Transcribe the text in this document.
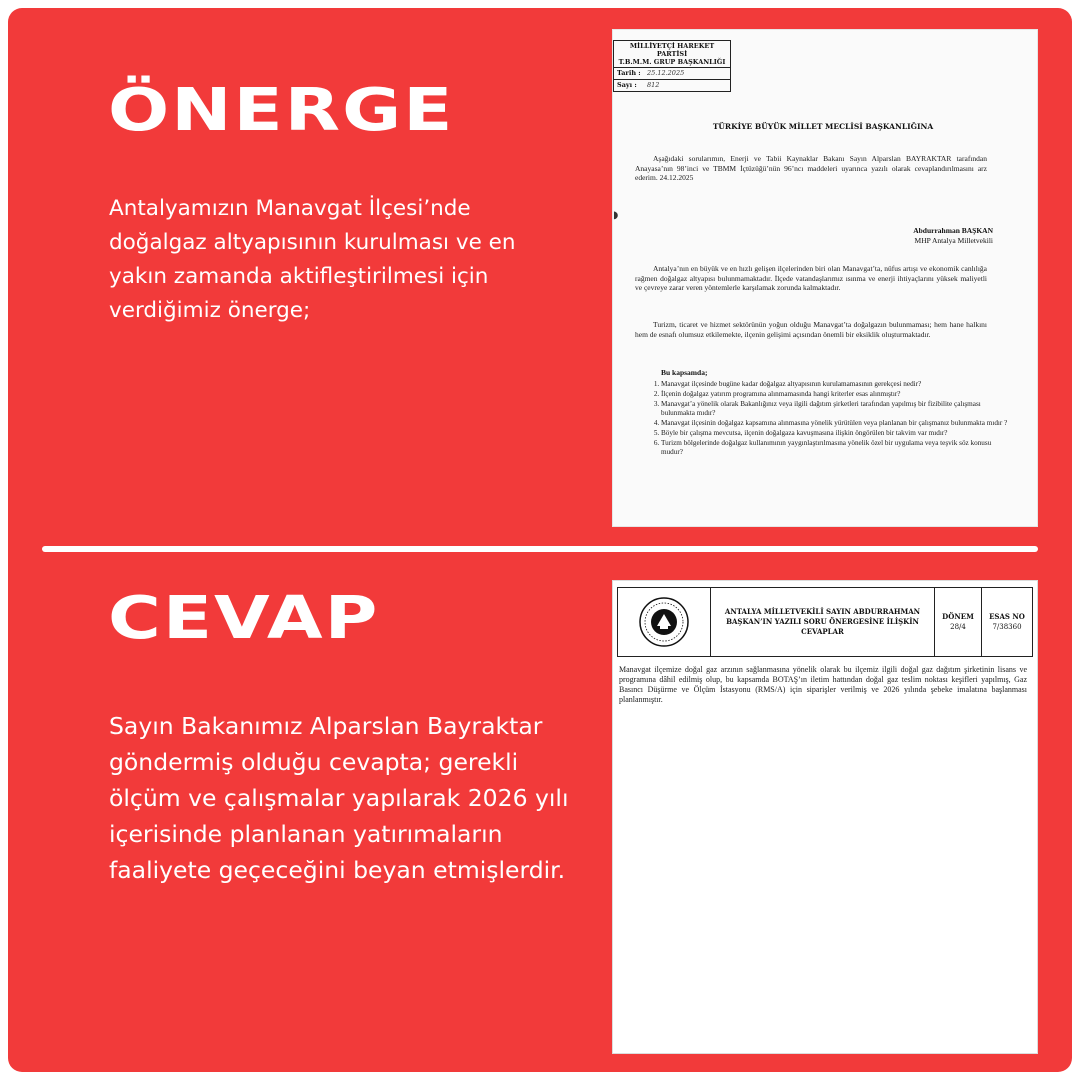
ÖNERGE

Antalyamızın Manavgat İlçesi’nde doğalgaz altyapısının kurulması ve en yakın zamanda aktifleştirilmesi için verdiğimiz önerge;

MİLLİYETÇİ HAREKET PARTİSİ
T.B.M.M. GRUP BAŞKANLIĞI
Tarih : 25.12.2025
Sayı :	812
TÜRKİYE BÜYÜK MİLLET MECLİSİ BAŞKANLIĞINA
Aşağıdaki sorularımın, Enerji ve Tabii Kaynaklar Bakanı Sayın Alparslan BAYRAKTAR tarafından Anayasa’nın 98’inci ve TBMM İçtüzüğü’nün 96’ncı maddeleri uyarınca yazılı olarak cevaplandırılmasını arz ederim. 24.12.2025
◗
Abdurrahman BAŞKAN
MHP Antalya Milletvekili
Antalya’nın en büyük ve en hızlı gelişen ilçelerinden biri olan Manavgat’ta, nüfus artışı ve ekonomik canlılığa rağmen doğalgaz altyapısı bulunmamaktadır. İlçede vatandaşlarımız ısınma ve enerji ihtiyaçlarını yüksek maliyetli ve çevreye zarar veren yöntemlerle karşılamak zorunda kalmaktadır.
Turizm, ticaret ve hizmet sektörünün yoğun olduğu Manavgat’ta doğalgazın bulunmaması; hem hane halkını hem de esnafı olumsuz etkilemekte, ilçenin gelişimi açısından önemli bir eksiklik oluşturmaktadır.
Bu kapsamda;
1. Manavgat ilçesinde bugüne kadar doğalgaz altyapısının kurulamamasının gerekçesi nedir?
2. İlçenin doğalgaz yatırım programına alınmamasında hangi kriterler esas alınmıştır?
3. Manavgat’a yönelik olarak Bakanlığınız veya ilgili dağıtım şirketleri tarafından yapılmış bir fizibilite çalışması bulunmakta mıdır?
4. Manavgat ilçesinin doğalgaz kapsamına alınmasına yönelik yürütülen veya planlanan bir çalışmanız bulunmakta mıdır ?
5. Böyle bir çalışma mevcutsa, ilçenin doğalgaza kavuşmasına ilişkin öngörülen bir takvim var mıdır?
6. Turizm bölgelerinde doğalgaz kullanımının yaygınlaştırılmasına yönelik özel bir uygulama veya teşvik söz konusu mudur?
CEVAP

Sayın Bakanımız Alparslan Bayraktar göndermiş olduğu cevapta; gerekli ölçüm ve çalışmalar yapılarak 2026 yılı içerisinde planlanan yatırımaların faaliyete geçeceğini beyan etmişlerdir.

ANTALYA MİLLETVEKİLİ SAYIN ABDURRAHMAN BAŞKAN’IN YAZILI SORU ÖNERGESİNE İLİŞKİN CEVAPLAR
DÖNEM
28/4
ESAS NO
7/38360
Manavgat ilçemize doğal gaz arzının sağlanmasına yönelik olarak bu ilçemiz ilgili doğal gaz dağıtım şirketinin lisans ve programına dâhil edilmiş olup, bu kapsamda BOTAŞ’ın iletim hattından doğal gaz teslim noktası keşifleri yapılmış, Gaz Basıncı Düşürme ve Ölçüm İstasyonu (RMS/A) için siparişler verilmiş ve 2026 yılında şebeke imalatına başlanması planlanmıştır.
